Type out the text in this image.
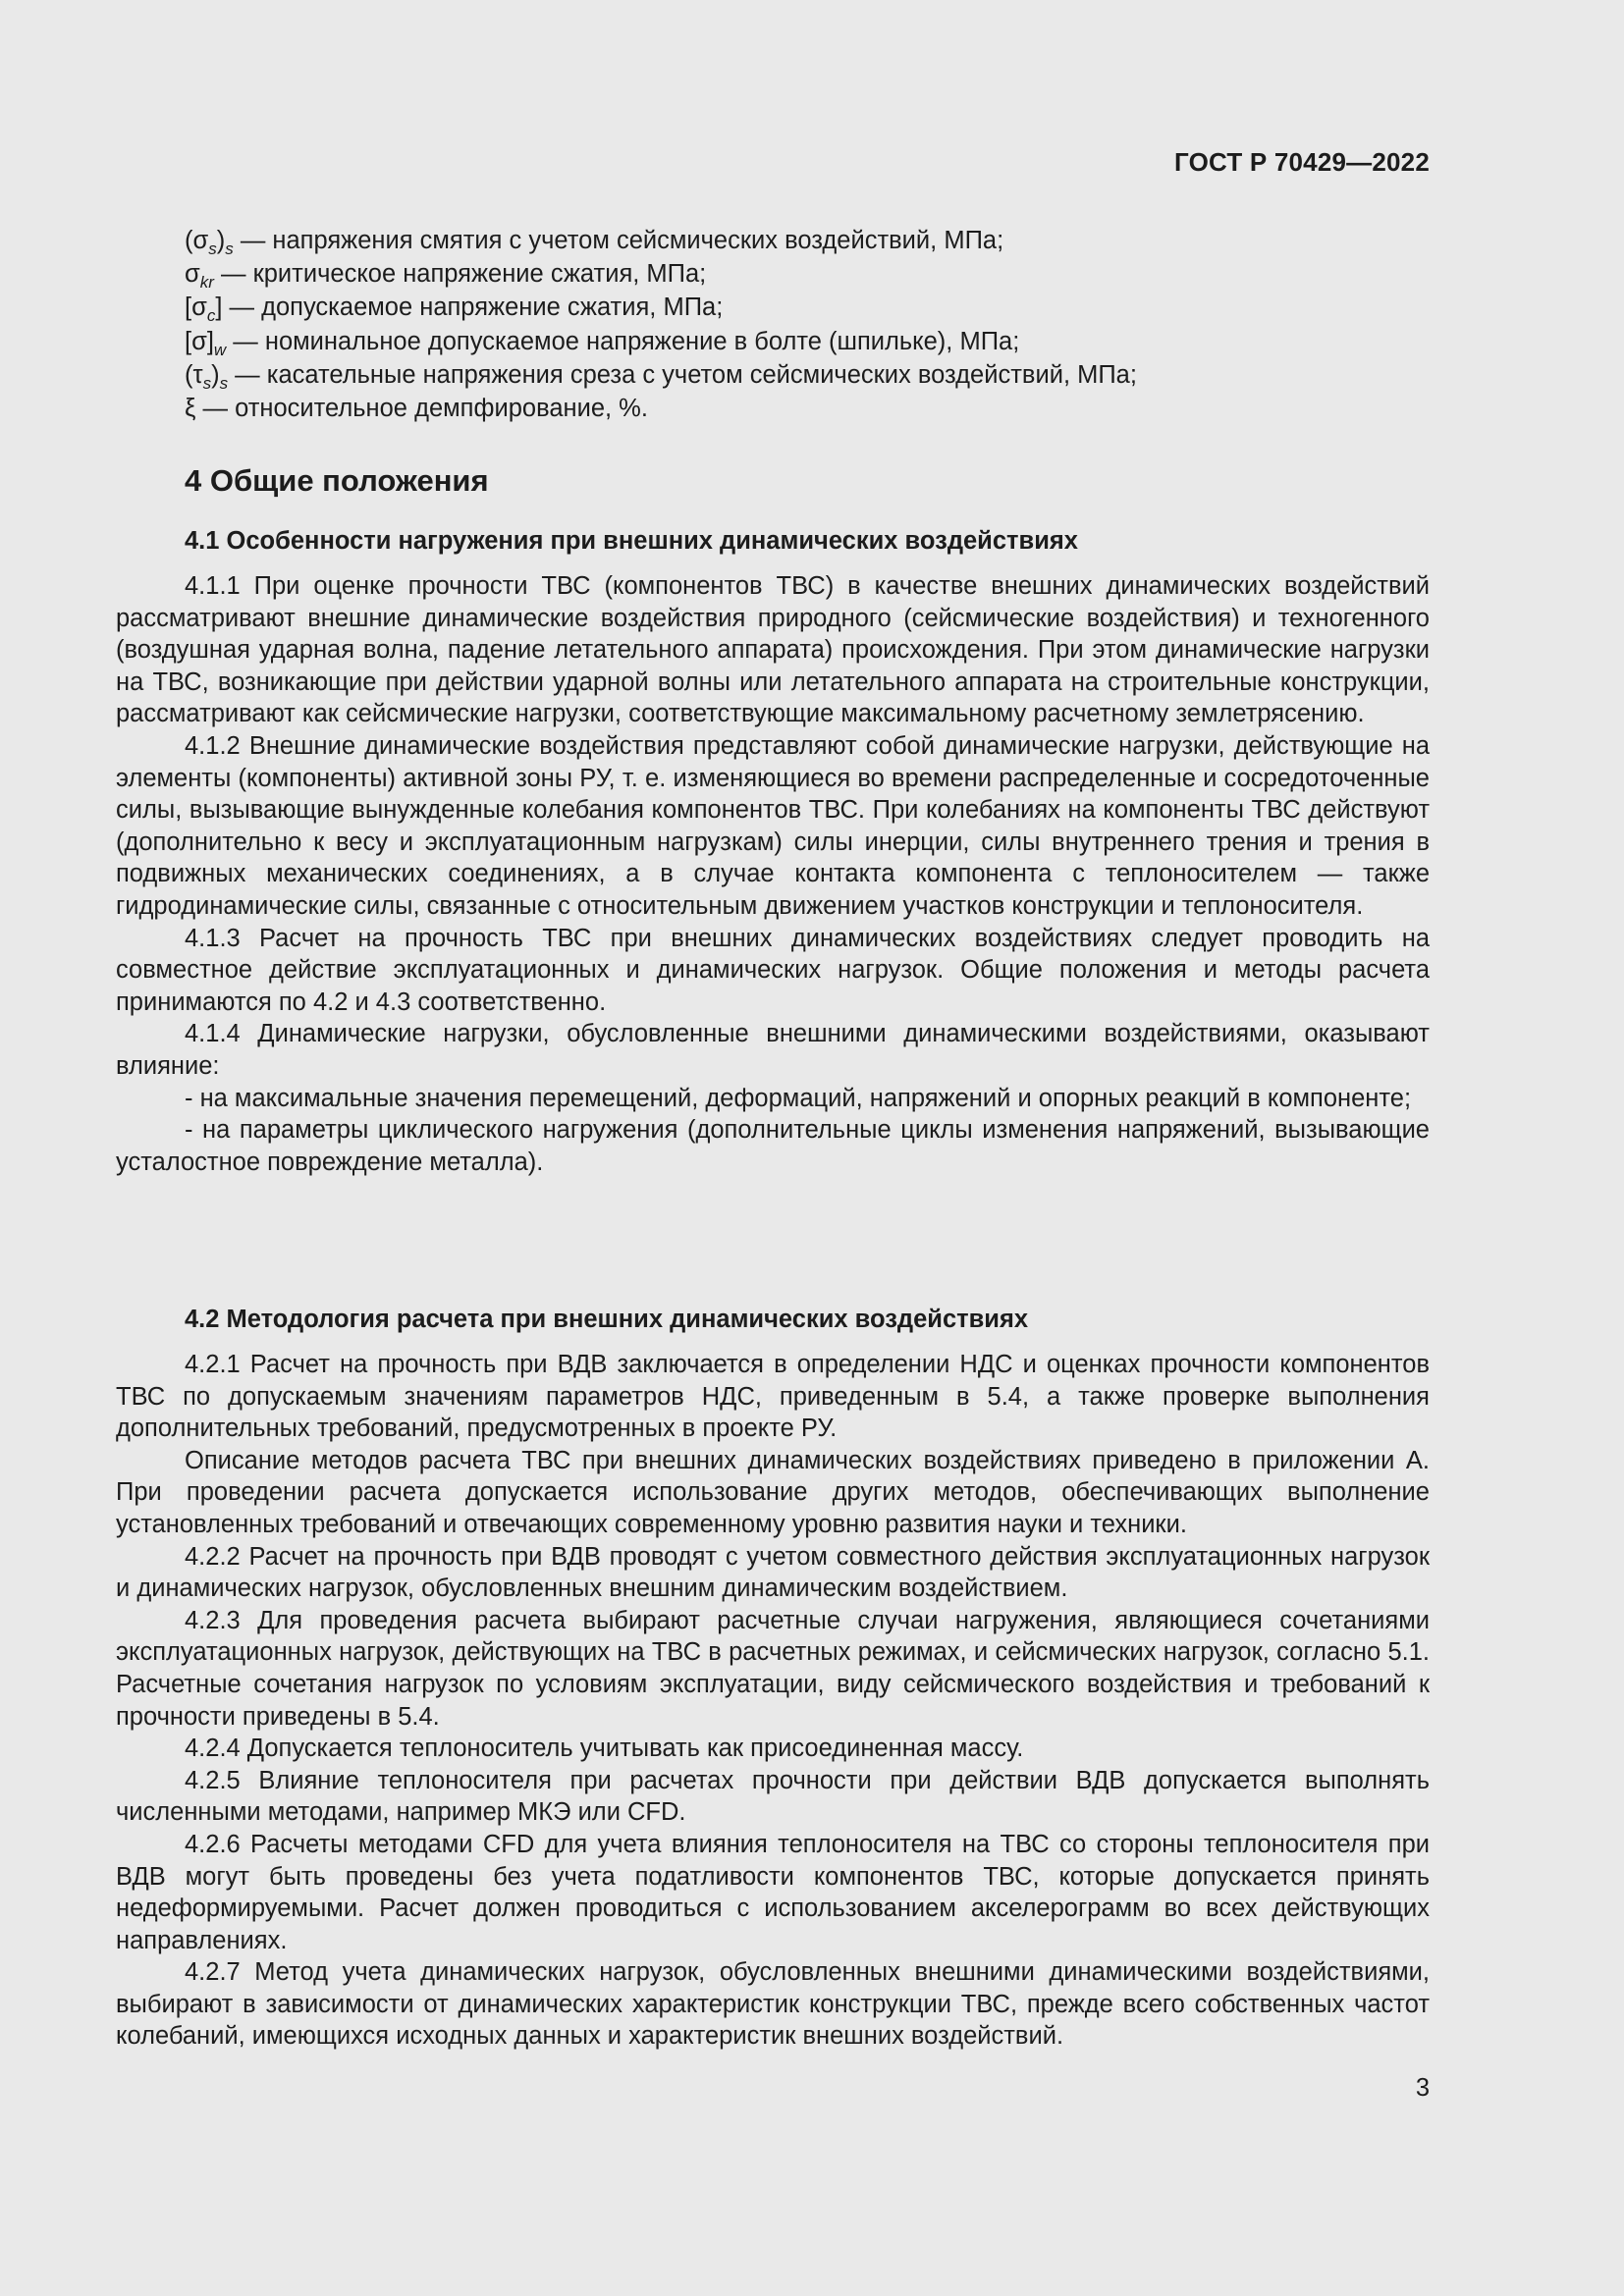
ГОСТ Р 70429—2022
$(\sigma_s)_s$ — напряжения смятия с учетом сейсмических воздействий, МПа;
$\sigma_{kr}$ — критическое напряжение сжатия, МПа;
$[\sigma_c]$ — допускаемое напряжение сжатия, МПа;
$[\sigma]_w$ — номинальное допускаемое напряжение в болте (шпильке), МПа;
$(\tau_s)_s$ — касательные напряжения среза с учетом сейсмических воздействий, МПа;
ξ — относительное демпфирование, %.
4 Общие положения
4.1 Особенности нагружения при внешних динамических воздействиях

4.1.1 При оценке прочности ТВС (компонентов ТВС) в качестве внешних динамических воздействий рассматривают внешние динамические воздействия природного (сейсмические воздействия) и техногенного (воздушная ударная волна, падение летательного аппарата) происхождения. При этом динамические нагрузки на ТВС, возникающие при действии ударной волны или летательного аппарата на строительные конструкции, рассматривают как сейсмические нагрузки, соответствующие максимальному расчетному землетрясению.

4.1.2 Внешние динамические воздействия представляют собой динамические нагрузки, действующие на элементы (компоненты) активной зоны РУ, т. е. изменяющиеся во времени распределенные и сосредоточенные силы, вызывающие вынужденные колебания компонентов ТВС. При колебаниях на компоненты ТВС действуют (дополнительно к весу и эксплуатационным нагрузкам) силы инерции, силы внутреннего трения и трения в подвижных механических соединениях, а в случае контакта компонента с теплоносителем — также гидродинамические силы, связанные с относительным движением участков конструкции и теплоносителя.

4.1.3 Расчет на прочность ТВС при внешних динамических воздействиях следует проводить на совместное действие эксплуатационных и динамических нагрузок. Общие положения и методы расчета принимаются по 4.2 и 4.3 соответственно.

4.1.4 Динамические нагрузки, обусловленные внешними динамическими воздействиями, оказывают влияние:

- на максимальные значения перемещений, деформаций, напряжений и опорных реакций в компоненте;

- на параметры циклического нагружения (дополнительные циклы изменения напряжений, вызывающие усталостное повреждение металла).

4.2 Методология расчета при внешних динамических воздействиях

4.2.1 Расчет на прочность при ВДВ заключается в определении НДС и оценках прочности компонентов ТВС по допускаемым значениям параметров НДС, приведенным в 5.4, а также проверке выполнения дополнительных требований, предусмотренных в проекте РУ.

Описание методов расчета ТВС при внешних динамических воздействиях приведено в приложении А. При проведении расчета допускается использование других методов, обеспечивающих выполнение установленных требований и отвечающих современному уровню развития науки и техники.

4.2.2 Расчет на прочность при ВДВ проводят с учетом совместного действия эксплуатационных нагрузок и динамических нагрузок, обусловленных внешним динамическим воздействием.

4.2.3 Для проведения расчета выбирают расчетные случаи нагружения, являющиеся сочетаниями эксплуатационных нагрузок, действующих на ТВС в расчетных режимах, и сейсмических нагрузок, согласно 5.1. Расчетные сочетания нагрузок по условиям эксплуатации, виду сейсмического воздействия и требований к прочности приведены в 5.4.

4.2.4 Допускается теплоноситель учитывать как присоединенная массу.

4.2.5 Влияние теплоносителя при расчетах прочности при действии ВДВ допускается выполнять численными методами, например МКЭ или CFD.

4.2.6 Расчеты методами CFD для учета влияния теплоносителя на ТВС со стороны теплоносителя при ВДВ могут быть проведены без учета податливости компонентов ТВС, которые допускается принять недеформируемыми. Расчет должен проводиться с использованием акселерограмм во всех действующих направлениях.

4.2.7 Метод учета динамических нагрузок, обусловленных внешними динамическими воздействиями, выбирают в зависимости от динамических характеристик конструкции ТВС, прежде всего собственных частот колебаний, имеющихся исходных данных и характеристик внешних воздействий.

3
